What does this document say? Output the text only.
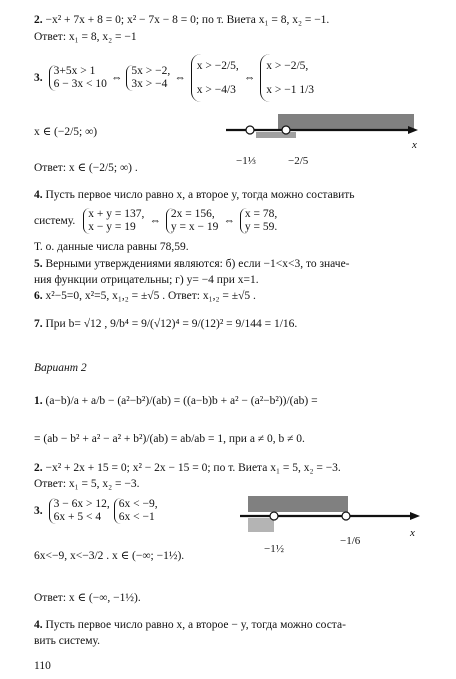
2. −x² + 7x + 8 = 0; x² − 7x − 8 = 0; по т. Виета x₁ = 8, x₂ = −1.
Ответ: x₁ = 8, x₂ = −1
3.
3+5x > 1
6 − 3x < 10 ⇔
5x > −2,
3x > −4 ⇔
x > −2/5,
x > −4/3
⇔
x > −2/5,
x > −1 1/3
x ∈ (−2/5; ∞)
x
−1⅓	−2/5
Ответ: x ∈ (−2/5; ∞) .
4. Пусть первое число равно x, а второе y, тогда можно составить
систему.
x + y = 137,
x − y = 19	⇔
2x = 156,
y = x − 19 ⇔
x = 78,
y = 59.
Т. о. данные числа равны 78,59.
5. Верными утверждениями являются: б) если −1<x<3, то значе-
ния функции отрицательны; г) y= −4 при x=1.
6. x²−5=0, x²=5, x₁,₂ = ±√5 . Ответ: x₁,₂ = ±√5 .
7. При b= √12 , 9/b⁴ = 9/(√12)⁴ = 9/(12)² = 9/144 = 1/16.
Вариант 2
1. (a−b)/a + a/b − (a²−b²)/(ab) = ((a−b)b + a² − (a²−b²))/(ab) =
= (ab − b² + a² − a² + b²)/(ab) = ab/ab = 1, при a ≠ 0, b ≠ 0.
2. −x² + 2x + 15 = 0; x² − 2x − 15 = 0; по т. Виета x₁ = 5, x₂ = −3.
Ответ: x₁ = 5, x₂ = −3.
3.
3 − 6x > 12,
6x + 5 < 4
6x < −9,
6x < −1
x
−1½
−1/6
6x<−9, x<−3/2 . x ∈ (−∞; −1½).
Ответ: x ∈ (−∞, −1½).
4. Пусть первое число равно x, а второе − y, тогда можно соста-
вить систему.
110
